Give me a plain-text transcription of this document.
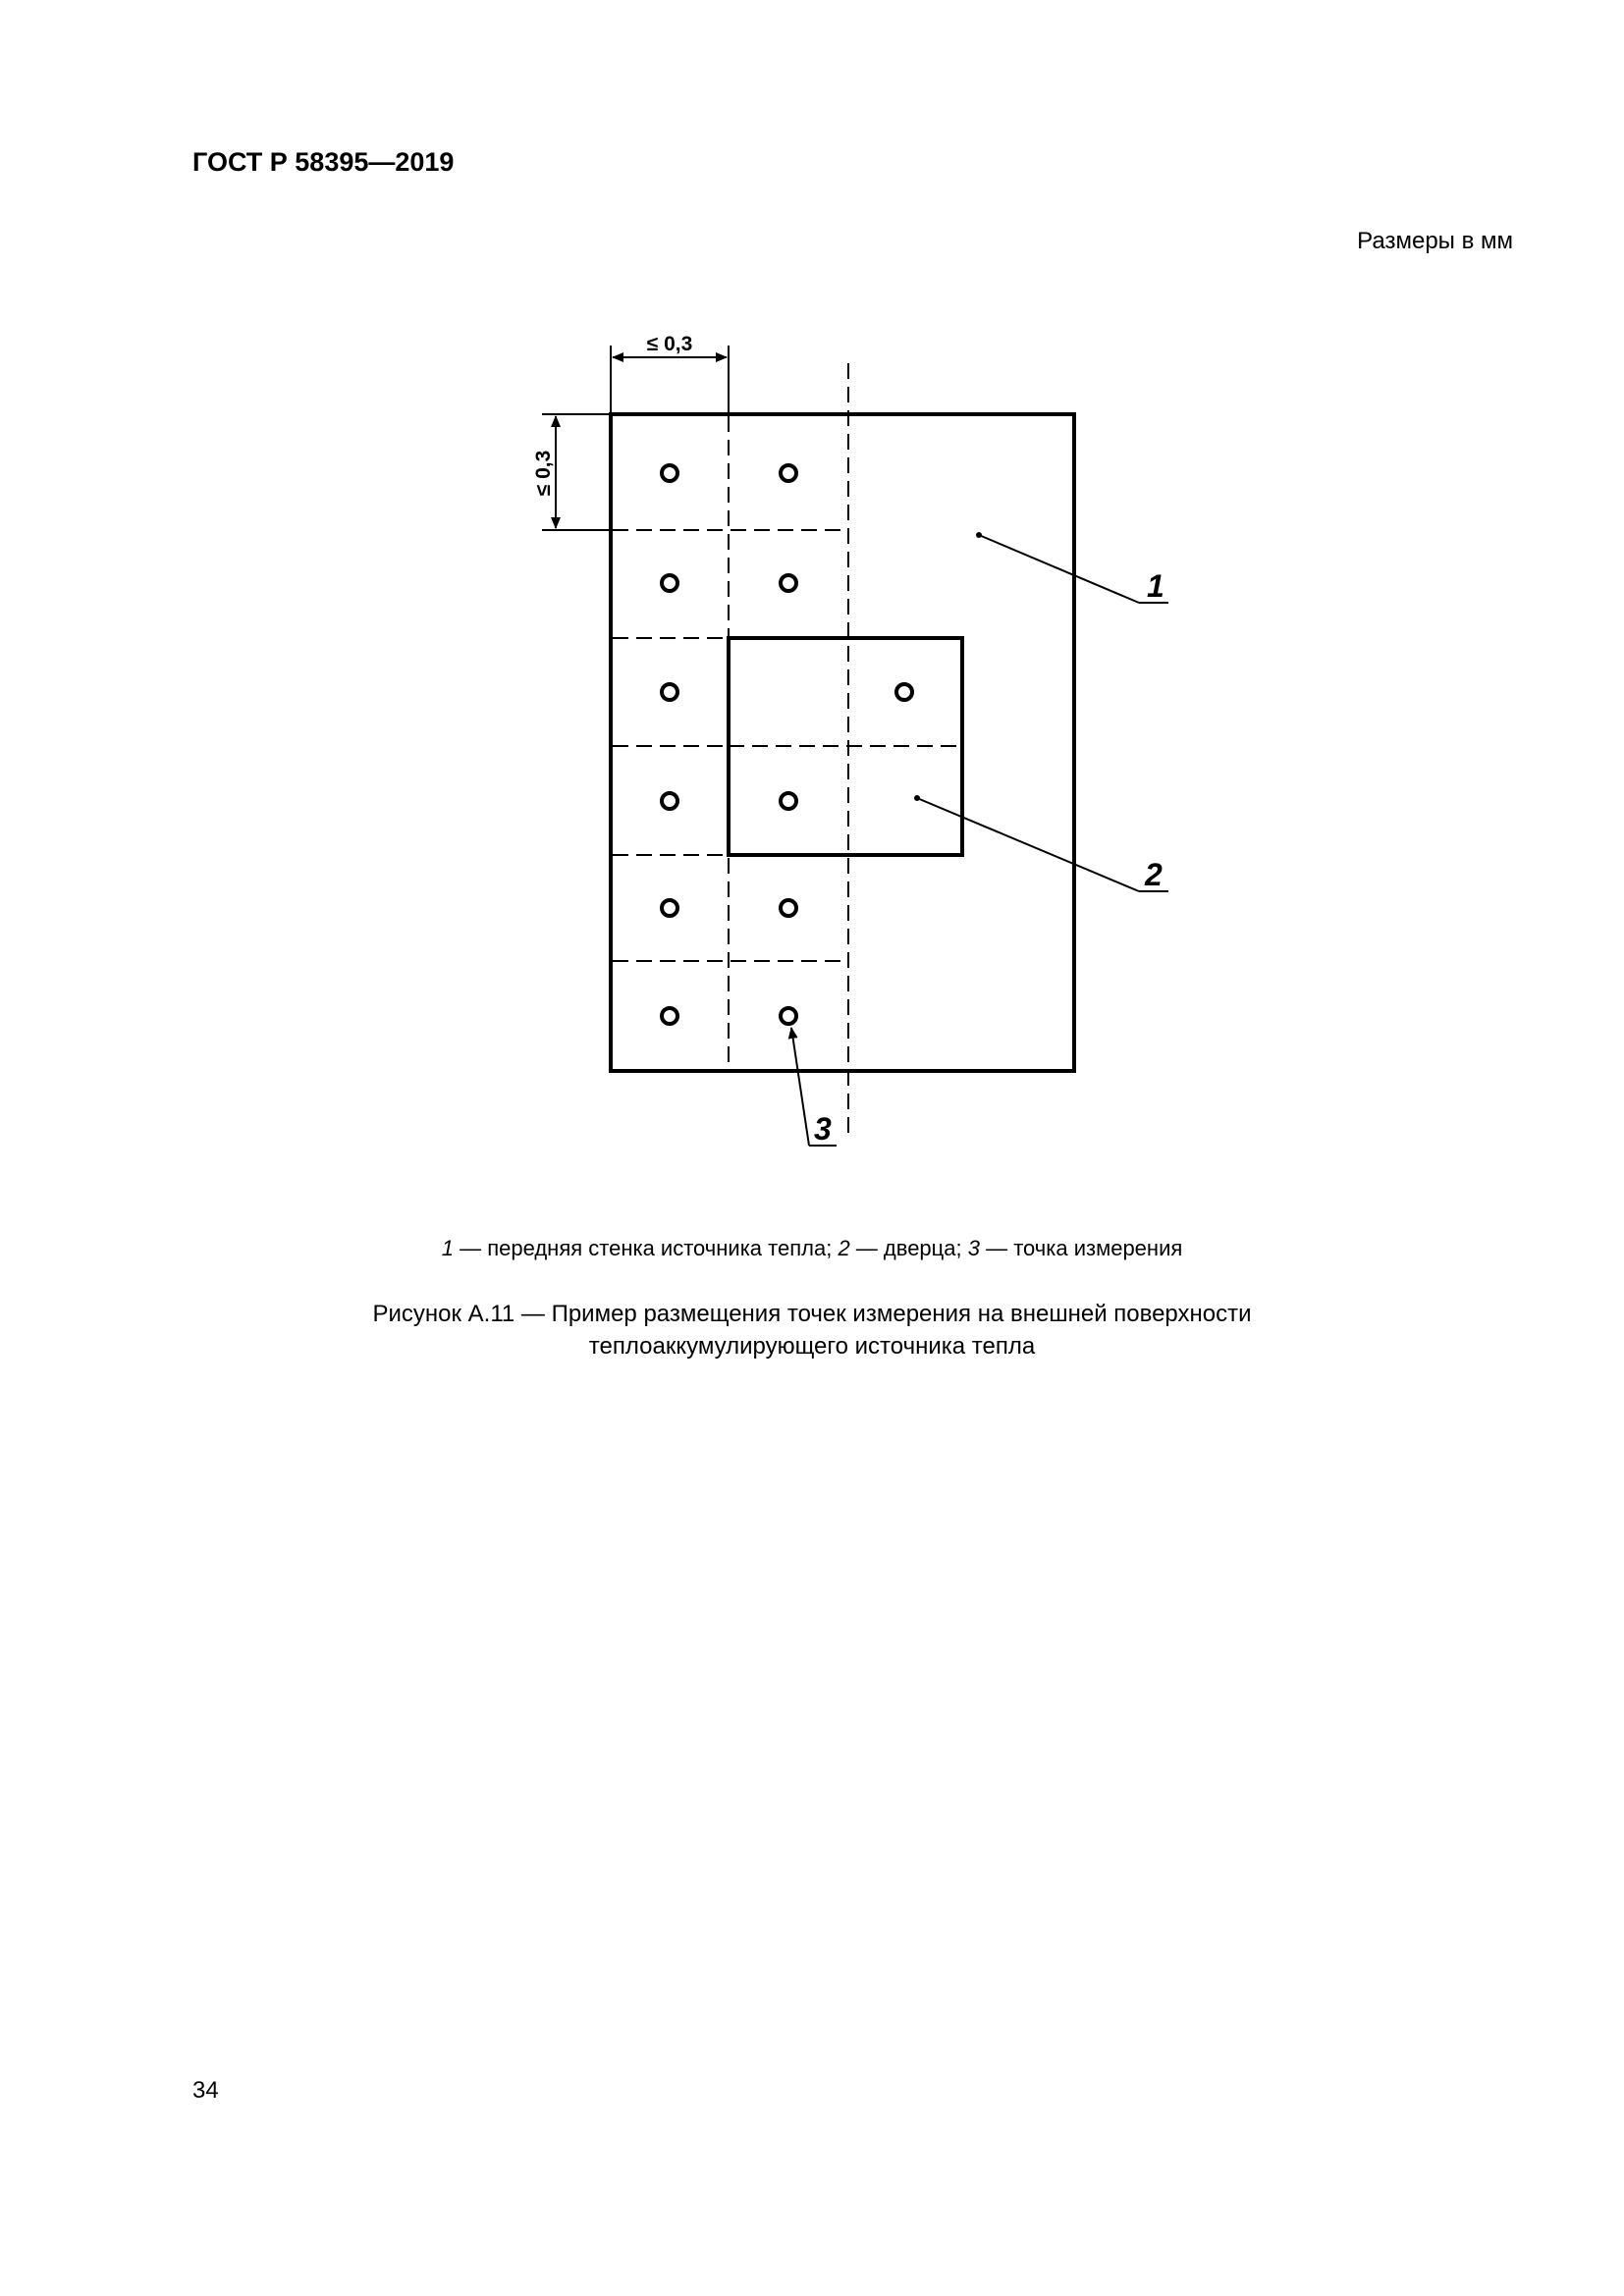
ГОСТ Р 58395—2019
Размеры в мм
≤ 0,3
≤ 0,3
1
2
3
1 — передняя стенка источника тепла; 2 — дверца; 3 — точка измерения
Рисунок А.11 — Пример размещения точек измерения на внешней поверхности
теплоаккумулирующего источника тепла
34
